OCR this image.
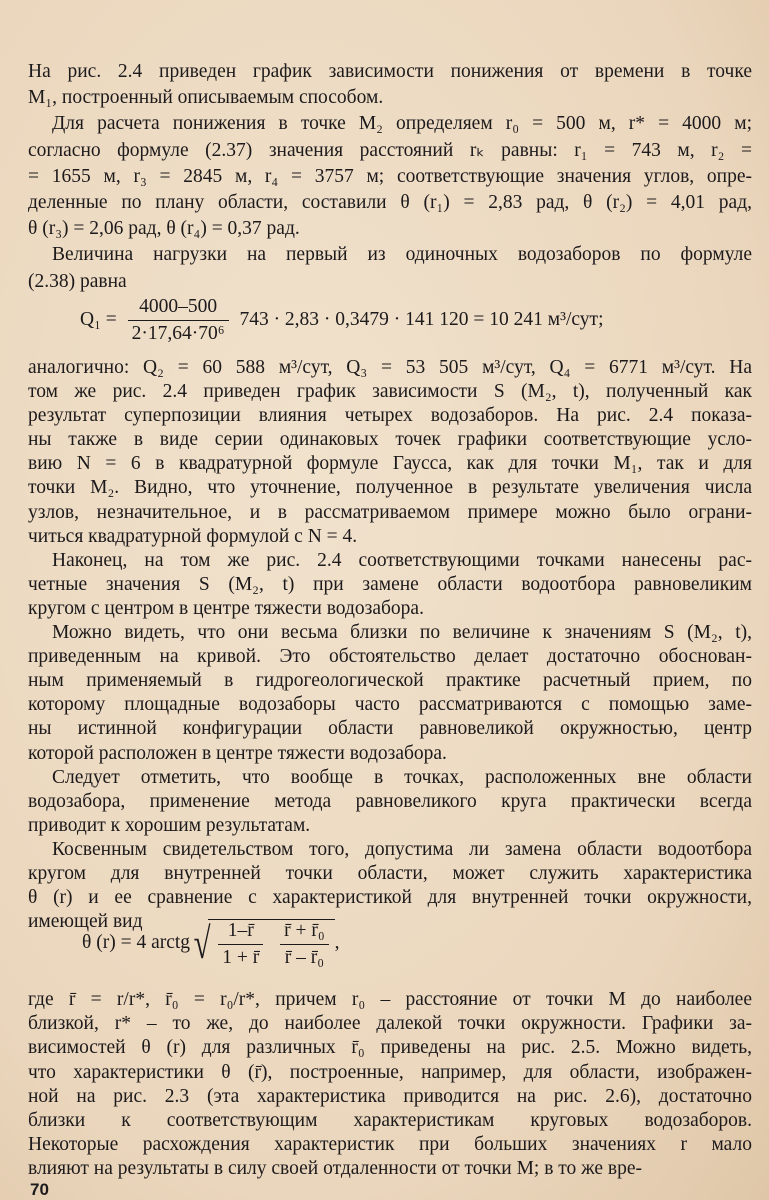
На рис. 2.4 приведен график зависимости понижения от времени в точке
M₁, построенный описываемым способом.
Для расчета понижения в точке M₂ определяем r₀ = 500 м, r* = 4000 м;
согласно формуле (2.37) значения расстояний rₖ равны: r₁ = 743 м, r₂ =
= 1655 м, r₃ = 2845 м, r₄ = 3757 м; соответствующие значения углов, опре-
деленные по плану области, составили θ (r₁) = 2,83 рад, θ (r₂) = 4,01 рад,
θ (r₃) = 2,06 рад, θ (r₄) = 0,37 рад.
Величина нагрузки на первый из одиночных водозаборов по формуле
(2.38) равна
аналогично: Q₂ = 60 588 м³/сут, Q₃ = 53 505 м³/сут, Q₄ = 6771 м³/сут. На
том же рис. 2.4 приведен график зависимости S (M₂, t), полученный как
результат суперпозиции влияния четырех водозаборов. На рис. 2.4 показа-
ны также в виде серии одинаковых точек графики соответствующие усло-
вию N = 6 в квадратурной формуле Гаусса, как для точки M₁, так и для
точки M₂. Видно, что уточнение, полученное в результате увеличения числа
узлов, незначительное, и в рассматриваемом примере можно было ограни-
читься квадратурной формулой с N = 4.
Наконец, на том же рис. 2.4 соответствующими точками нанесены рас-
четные значения S (M₂, t) при замене области водоотбора равновеликим
кругом с центром в центре тяжести водозабора.
Можно видеть, что они весьма близки по величине к значениям S (M₂, t),
приведенным на кривой. Это обстоятельство делает достаточно обоснован-
ным применяемый в гидрогеологической практике расчетный прием, по
которому площадные водозаборы часто рассматриваются с помощью заме-
ны истинной конфигурации области равновеликой окружностью, центр
которой расположен в центре тяжести водозабора.
Следует отметить, что вообще в точках, расположенных вне области
водозабора, применение метода равновеликого круга практически всегда
приводит к хорошим результатам.
Косвенным свидетельством того, допустима ли замена области водоотбора
кругом для внутренней точки области, может служить характеристика
θ (r) и ее сравнение с характеристикой для внутренней точки окружности,
имеющей вид
где r̄ = r/r*, r̄₀ = r₀/r*, причем r₀ – расстояние от точки M до наиболее
близкой, r* – то же, до наиболее далекой точки окружности. Графики за-
висимостей θ (r) для различных r̄₀ приведены на рис. 2.5. Можно видеть,
что характеристики θ (r̄), построенные, например, для области, изображен-
ной на рис. 2.3 (эта характеристика приводится на рис. 2.6), достаточно
близки к соответствующим характеристикам круговых водозаборов.
Некоторые расхождения характеристик при больших значениях r мало
влияют на результаты в силу своей отдаленности от точки M; в то же вре-
$Q_1 = \frac{4000-500}{\text{2·17,64·70⁶}} 743 \cdot 2,83 \cdot 0,3479 \cdot 141$ 120 = 10 241 м³/сут;
θ (r) = 4 arctg√ $\frac{1-r̄}{1 + r̄}$
$\frac{\text{r̄ + r̄₀}}{\text{r̄ – r̄₀}}$ ,
70
